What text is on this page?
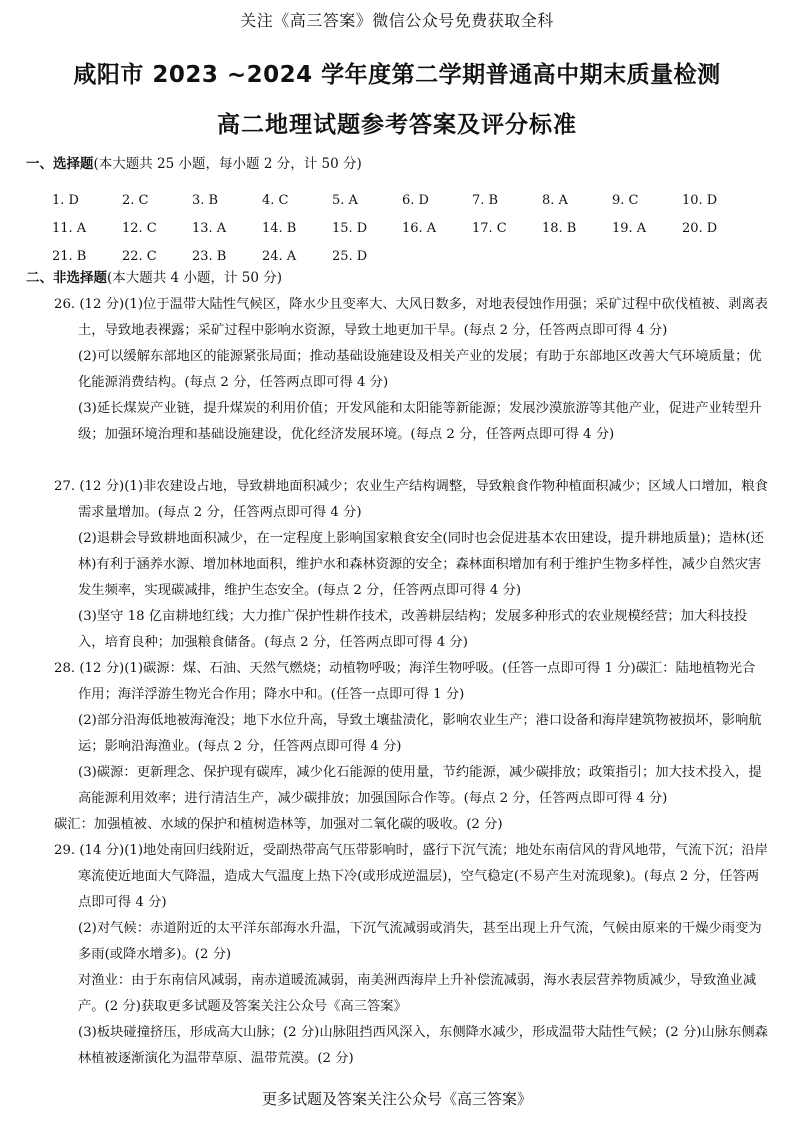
关注《高三答案》微信公众号免费获取全科
咸阳市 2023 ~2024 学年度第二学期普通高中期末质量检测
高二地理试题参考答案及评分标准
一、选择题(本大题共 25 小题，每小题 2 分，计 50 分)
1. D	2. C	3. B	4. C	5. A	6. D	7. B	8. A	9. C	10. D
11. A	12. C	13. A	14. B	15. D	16. A	17. C	18. B	19. A	20. D
21. B	22. C	23. B	24. A	25. D
二、非选择题(本大题共 4 小题，计 50 分)

26. (12 分)(1)位于温带大陆性气候区，降水少且变率大、大风日数多，对地表侵蚀作用强；采矿过程中砍伐植被、剥离表土，导致地表裸露；采矿过程中影响水资源，导致土地更加干旱。(每点 2 分，任答两点即可得 4 分)

(2)可以缓解东部地区的能源紧张局面；推动基础设施建设及相关产业的发展；有助于东部地区改善大气环境质量；优化能源消费结构。(每点 2 分，任答两点即可得 4 分)

(3)延长煤炭产业链，提升煤炭的利用价值；开发风能和太阳能等新能源；发展沙漠旅游等其他产业，促进产业转型升级；加强环境治理和基础设施建设，优化经济发展环境。(每点 2 分，任答两点即可得 4 分)

27. (12 分)(1)非农建设占地，导致耕地面积减少；农业生产结构调整，导致粮食作物种植面积减少；区域人口增加，粮食需求量增加。(每点 2 分，任答两点即可得 4 分)

(2)退耕会导致耕地面积减少，在一定程度上影响国家粮食安全(同时也会促进基本农田建设，提升耕地质量)；造林(还林)有利于涵养水源、增加林地面积，维护水和森林资源的安全；森林面积增加有利于维护生物多样性，减少自然灾害发生频率，实现碳减排，维护生态安全。(每点 2 分，任答两点即可得 4 分)

(3)坚守 18 亿亩耕地红线；大力推广保护性耕作技术，改善耕层结构；发展多种形式的农业规模经营；加大科技投入，培育良种；加强粮食储备。(每点 2 分，任答两点即可得 4 分)

28. (12 分)(1)碳源：煤、石油、天然气燃烧；动植物呼吸；海洋生物呼吸。(任答一点即可得 1 分)碳汇：陆地植物光合作用；海洋浮游生物光合作用；降水中和。(任答一点即可得 1 分)

(2)部分沿海低地被海淹没；地下水位升高，导致土壤盐渍化，影响农业生产；港口设备和海岸建筑物被损坏，影响航运；影响沿海渔业。(每点 2 分，任答两点即可得 4 分)

(3)碳源：更新理念、保护现有碳库，减少化石能源的使用量，节约能源，减少碳排放；政策指引；加大技术投入，提高能源利用效率；进行清洁生产，减少碳排放；加强国际合作等。(每点 2 分，任答两点即可得 4 分)

碳汇：加强植被、水域的保护和植树造林等，加强对二氧化碳的吸收。(2 分)

29. (14 分)(1)地处南回归线附近，受副热带高气压带影响时，盛行下沉气流；地处东南信风的背风地带，气流下沉；沿岸寒流使近地面大气降温，造成大气温度上热下冷(或形成逆温层)，空气稳定(不易产生对流现象)。(每点 2 分，任答两点即可得 4 分)

(2)对气候：赤道附近的太平洋东部海水升温，下沉气流减弱或消失，甚至出现上升气流，气候由原来的干燥少雨变为多雨(或降水增多)。(2 分)

对渔业：由于东南信风减弱，南赤道暖流减弱，南美洲西海岸上升补偿流减弱，海水表层营养物质减少，导致渔业减产。(2 分)获取更多试题及答案关注公众号《高三答案》

(3)板块碰撞挤压，形成高大山脉；(2 分)山脉阻挡西风深入，东侧降水减少，形成温带大陆性气候；(2 分)山脉东侧森林植被逐渐演化为温带草原、温带荒漠。(2 分)

更多试题及答案关注公众号《高三答案》
